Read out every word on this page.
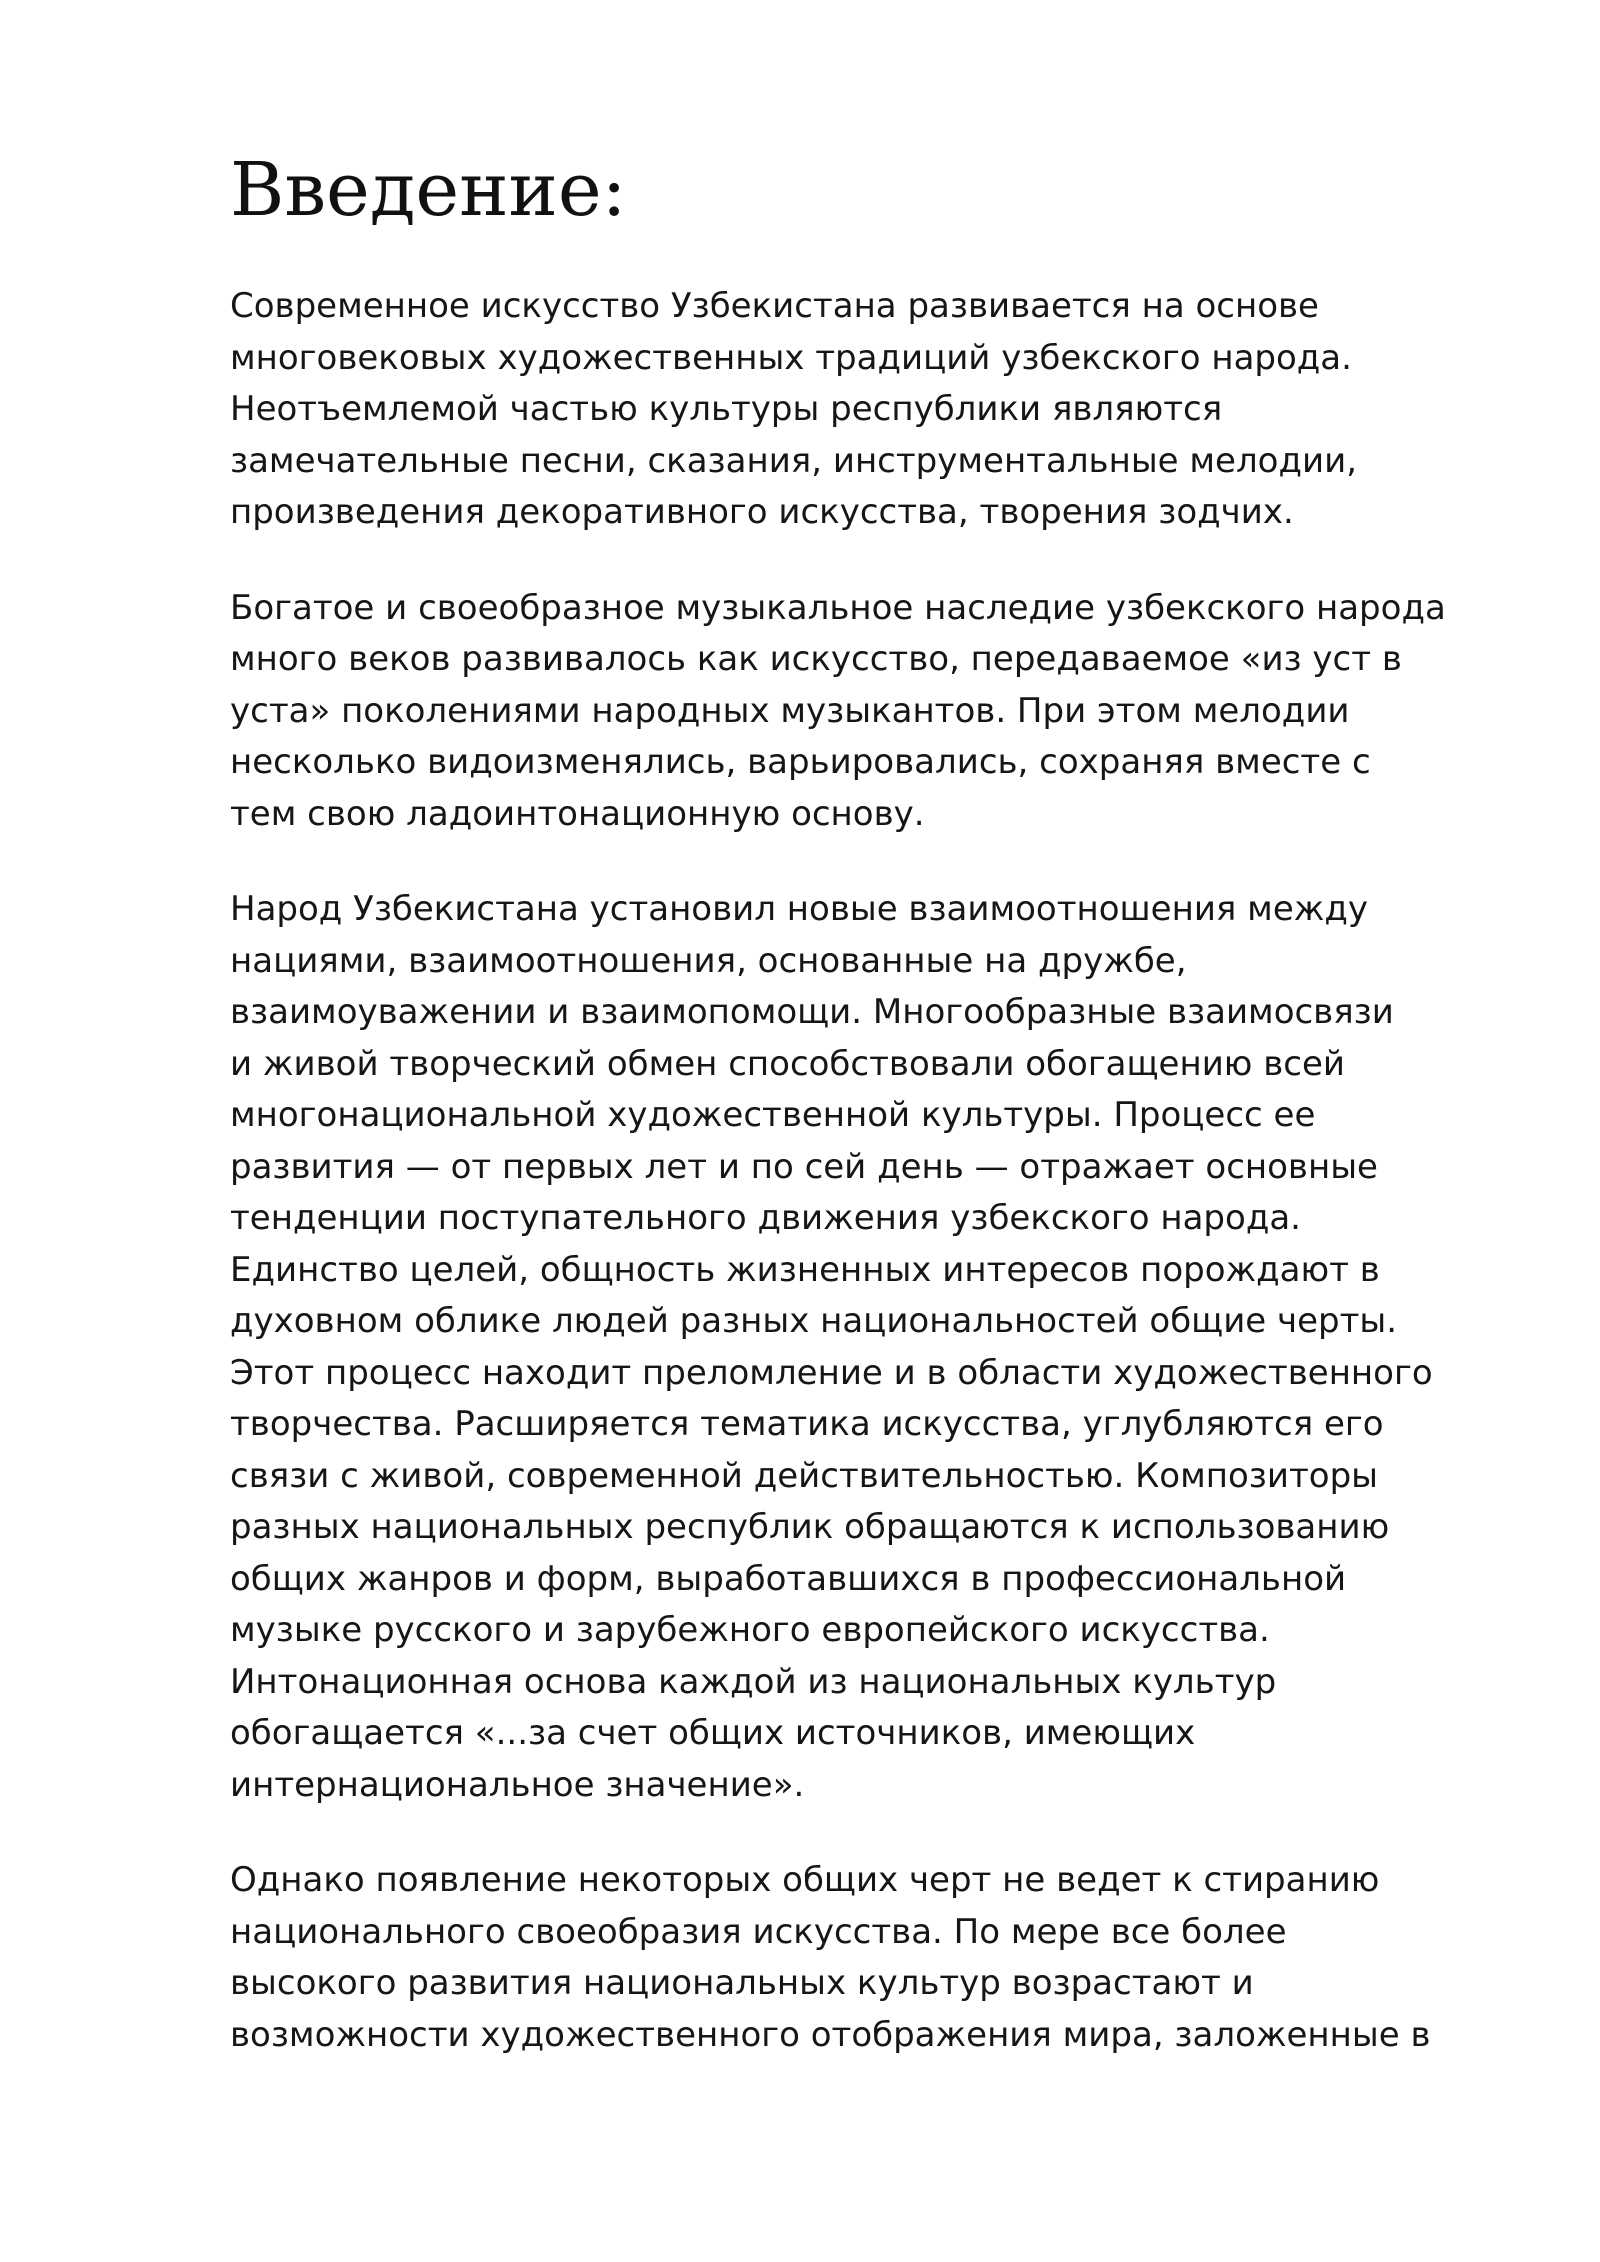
Введение:
Современное искусство Узбекистана развивается на основе
многовековых художественных традиций узбекского народа.
Неотъемлемой частью культуры республики являются
замечательные песни, сказания, инструментальные мелодии,
произведения декоративного искусства, творения зодчих.
Богатое и своеобразное музыкальное наследие узбекского народа
много веков развивалось как искусство, передаваемое «из уст в
уста» поколениями народных музыкантов. При этом мелодии
несколько видоизменялись, варьировались, сохраняя вместе с
тем свою ладоинтонационную основу.
Народ Узбекистана установил новые взаимоотношения между
нациями, взаимоотношения, основанные на дружбе,
взаимоуважении и взаимопомощи. Многообразные взаимосвязи
и живой творческий обмен способствовали обогащению всей
многонациональной художественной культуры. Процесс ее
развития — от первых лет и по сей день — отражает основные
тенденции поступательного движения узбекского народа.
Единство целей, общность жизненных интересов порождают в
духовном облике людей разных национальностей общие черты.
Этот процесс находит преломление и в области художественного
творчества. Расширяется тематика искусства, углубляются его
связи с живой, современной действительностью. Композиторы
разных национальных республик обращаются к использованию
общих жанров и форм, выработавшихся в профессиональной
музыке русского и зарубежного европейского искусства.
Интонационная основа каждой из национальных культур
обогащается «...за счет общих источников, имеющих
интернациональное значение».
Однако появление некоторых общих черт не ведет к стиранию
национального своеобразия искусства. По мере все более
высокого развития национальных культур возрастают и
возможности художественного отображения мира, заложенные в
